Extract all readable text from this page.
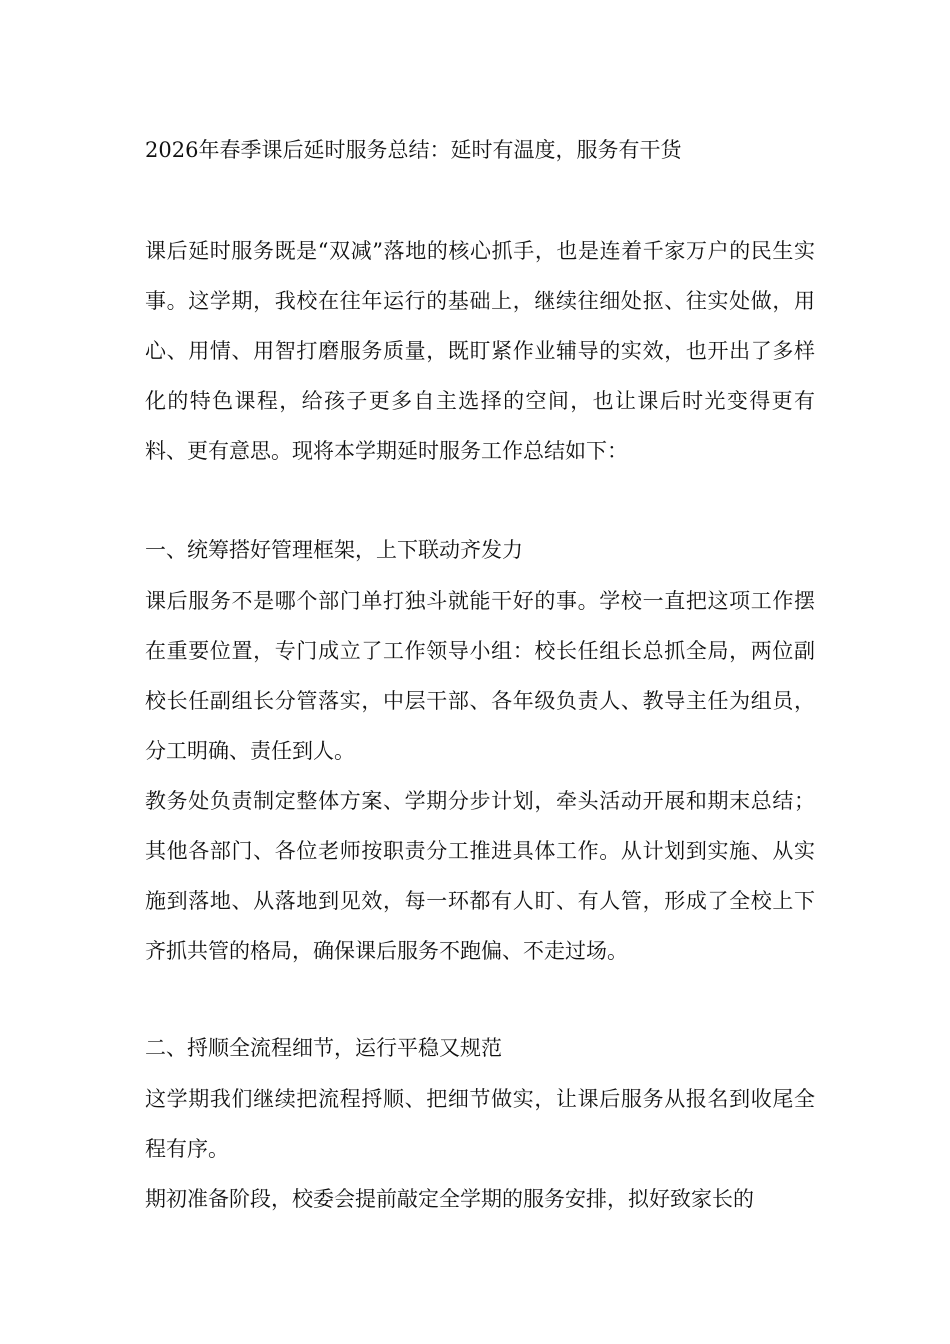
2026年春季课后延时服务总结：延时有温度，服务有干货

课后延时服务既是“双减”落地的核心抓手，也是连着千家万户的民生实事。这学期，我校在往年运行的基础上，继续往细处抠、往实处做，用心、用情、用智打磨服务质量，既盯紧作业辅导的实效，也开出了多样化的特色课程，给孩子更多自主选择的空间，也让课后时光变得更有料、更有意思。现将本学期延时服务工作总结如下：

一、统筹搭好管理框架，上下联动齐发力

课后服务不是哪个部门单打独斗就能干好的事。学校一直把这项工作摆在重要位置，专门成立了工作领导小组：校长任组长总抓全局，两位副校长任副组长分管落实，中层干部、各年级负责人、教导主任为组员，分工明确、责任到人。

教务处负责制定整体方案、学期分步计划，牵头活动开展和期末总结；其他各部门、各位老师按职责分工推进具体工作。从计划到实施、从实施到落地、从落地到见效，每一环都有人盯、有人管，形成了全校上下齐抓共管的格局，确保课后服务不跑偏、不走过场。

二、捋顺全流程细节，运行平稳又规范

这学期我们继续把流程捋顺、把细节做实，让课后服务从报名到收尾全程有序。

期初准备阶段，校委会提前敲定全学期的服务安排，拟好致家长的
